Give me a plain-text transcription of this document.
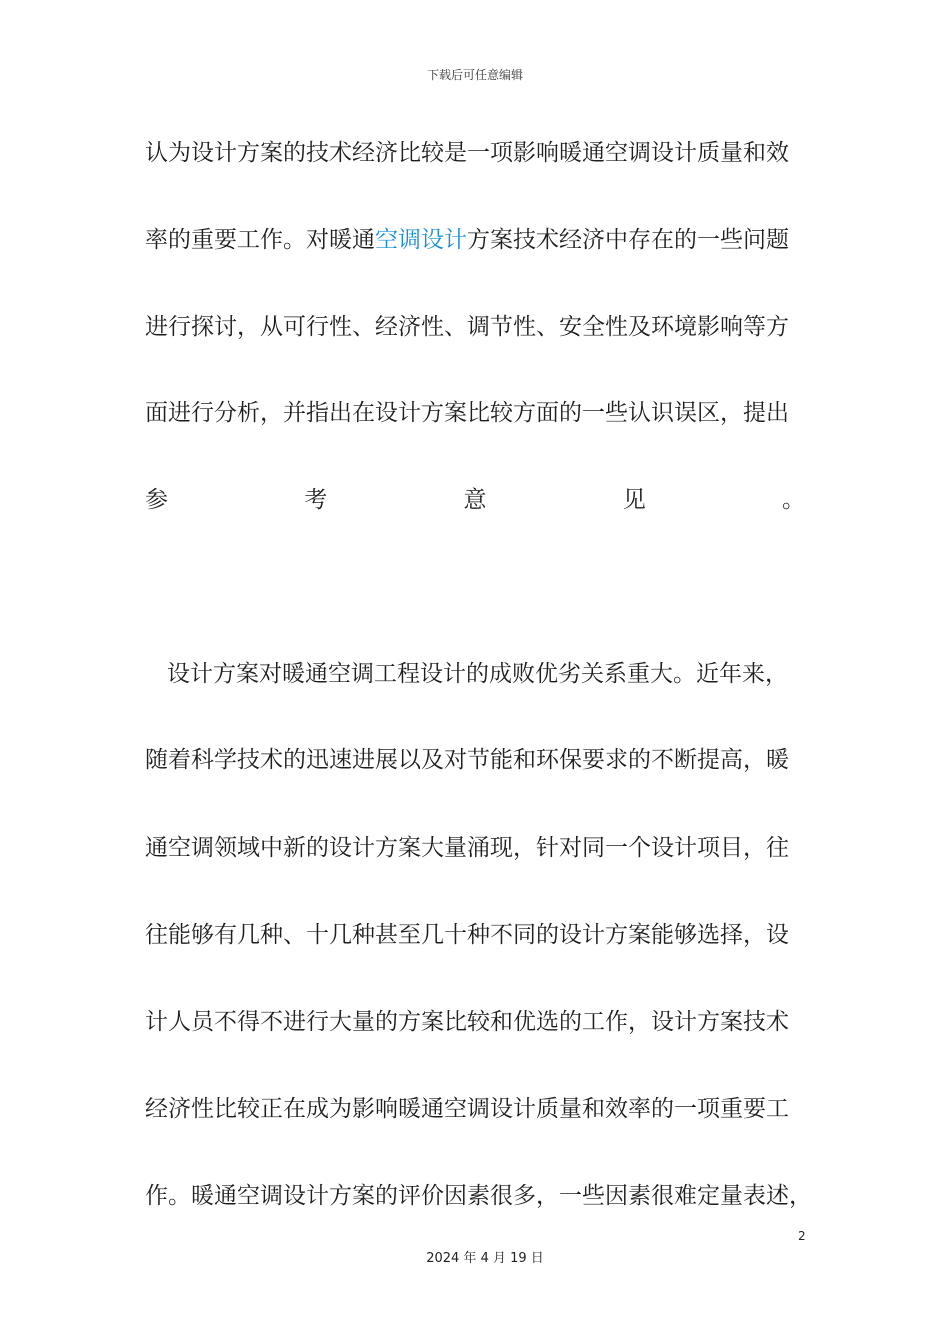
下载后可任意编辑
认为设计方案的技术经济比较是一项影响暖通空调设计质量和效
率的重要工作。对暖通空调设计方案技术经济中存在的一些问题
进行探讨，从可行性、经济性、调节性、安全性及环境影响等方
面进行分析，并指出在设计方案比较方面的一些认识误区，提出
参	考	意	见	。
设计方案对暖通空调工程设计的成败优劣关系重大。近年来，
随着科学技术的迅速进展以及对节能和环保要求的不断提高，暖
通空调领域中新的设计方案大量涌现，针对同一个设计项目，往
往能够有几种、十几种甚至几十种不同的设计方案能够选择，设
计人员不得不进行大量的方案比较和优选的工作，设计方案技术
经济性比较正在成为影响暖通空调设计质量和效率的一项重要工
作。暖通空调设计方案的评价因素很多，一些因素很难定量表述，
2
2024 年 4 月 19 日
